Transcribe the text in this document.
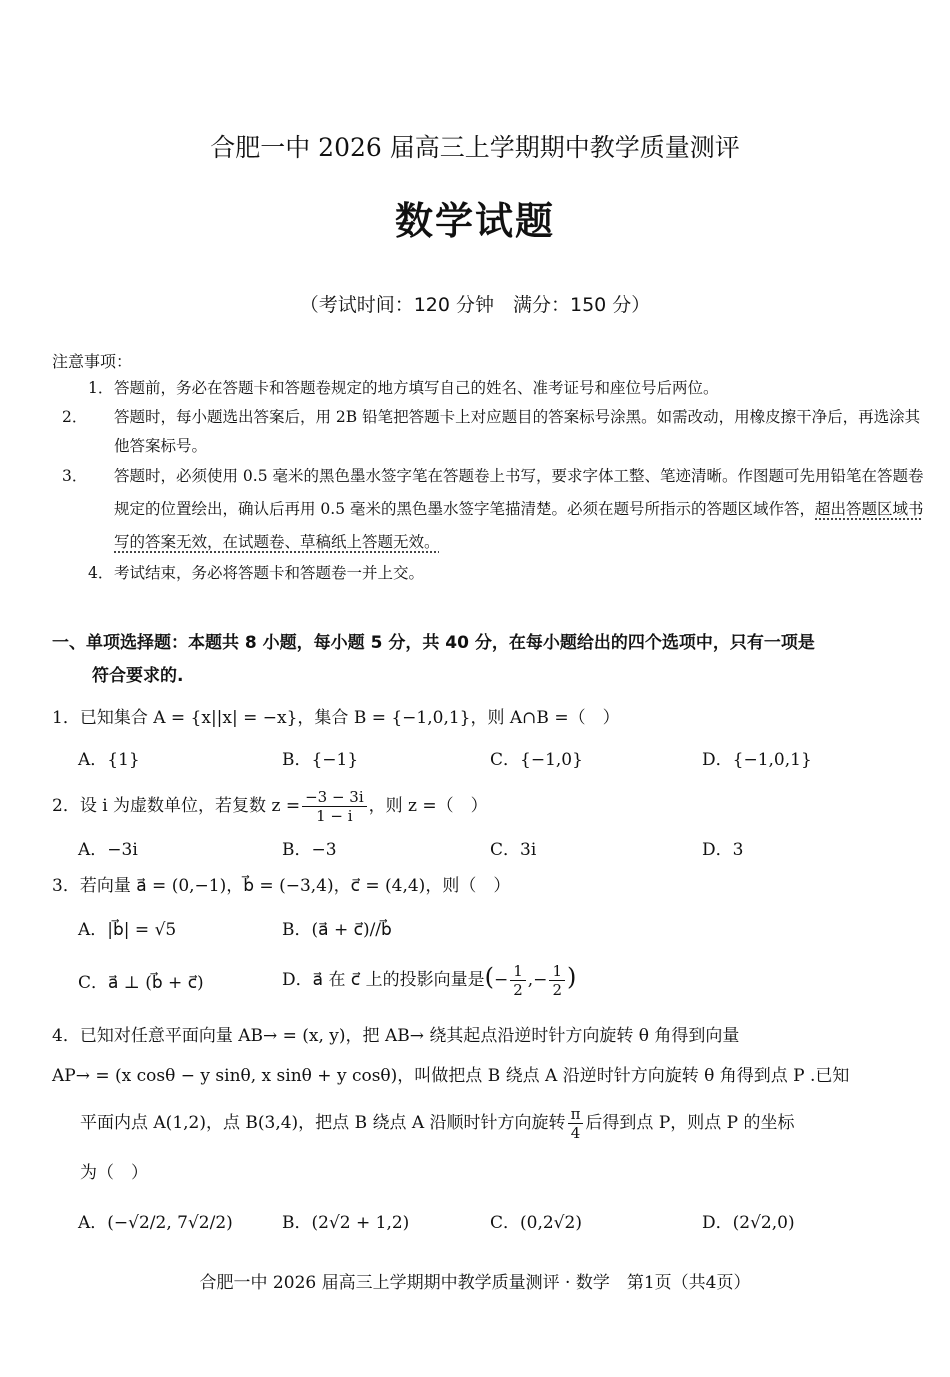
合肥一中 2026 届高三上学期期中教学质量测评
数学试题
（考试时间：120 分钟　满分：150 分）
注意事项：
1．答题前，务必在答题卡和答题卷规定的地方填写自己的姓名、准考证号和座位号后两位。
2． 答题时，每小题选出答案后，用 2B 铅笔把答题卡上对应题目的答案标号涂黑。如需改动，用橡皮擦干净后，再选涂其他答案标号。
3． 答题时，必须使用 0.5 毫米的黑色墨水签字笔在答题卷上书写，要求字体工整、笔迹清晰。作图题可先用铅笔在答题卷规定的位置绘出，确认后再用 0.5 毫米的黑色墨水签字笔描清楚。必须在题号所指示的答题区域作答，超出答题区域书写的答案无效，在试题卷、草稿纸上答题无效。
4．考试结束，务必将答题卡和答题卷一并上交。
一、单项选择题：本题共 8 小题，每小题 5 分，共 40 分，在每小题给出的四个选项中，只有一项是
符合要求的.
1．已知集合 A = {x||x| = −x}，集合 B = {−1,0,1}，则 A∩B =（　）
A．{1}	B．{−1}	C．{−1,0}	D．{−1,0,1}
2．设 i 为虚数单位，若复数 $z = \frac{-3 - 3i}{1 - i}$ ，则 z =（　）
A．−3i	B．−3	C．3i	D．3
3．若向量 a⃗ = (0,−1)，b⃗ = (−3,4)，c⃗ = (4,4)，则（　）
A．|b⃗| = √5	B．(a⃗ + c⃗)//b⃗
C．a⃗ ⊥ (b⃗ + c⃗)	D．a⃗ 在 c⃗ 上的投影向量是(− $\frac{1}{2}$ ,− $\frac{1}{2}$ )
4．已知对任意平面向量 AB→ = (x, y)，把 AB→ 绕其起点沿逆时针方向旋转 θ 角得到向量
AP→ = (x cosθ − y sinθ, x sinθ + y cosθ)，叫做把点 B 绕点 A 沿逆时针方向旋转 θ 角得到点 P .已知
平面内点 A(1,2)，点 B(3,4)，把点 B 绕点 A 沿顺时针方向旋转 $\frac{\pi}{4}$ 后得到点 P，则点 P 的坐标
为（　）
A．(−√2/2, 7√2/2)	B．(2√2 + 1,2)	C．(0,2√2)	D．(2√2,0)
合肥一中 2026 届高三上学期期中教学质量测评 · 数学　第1页（共4页）
